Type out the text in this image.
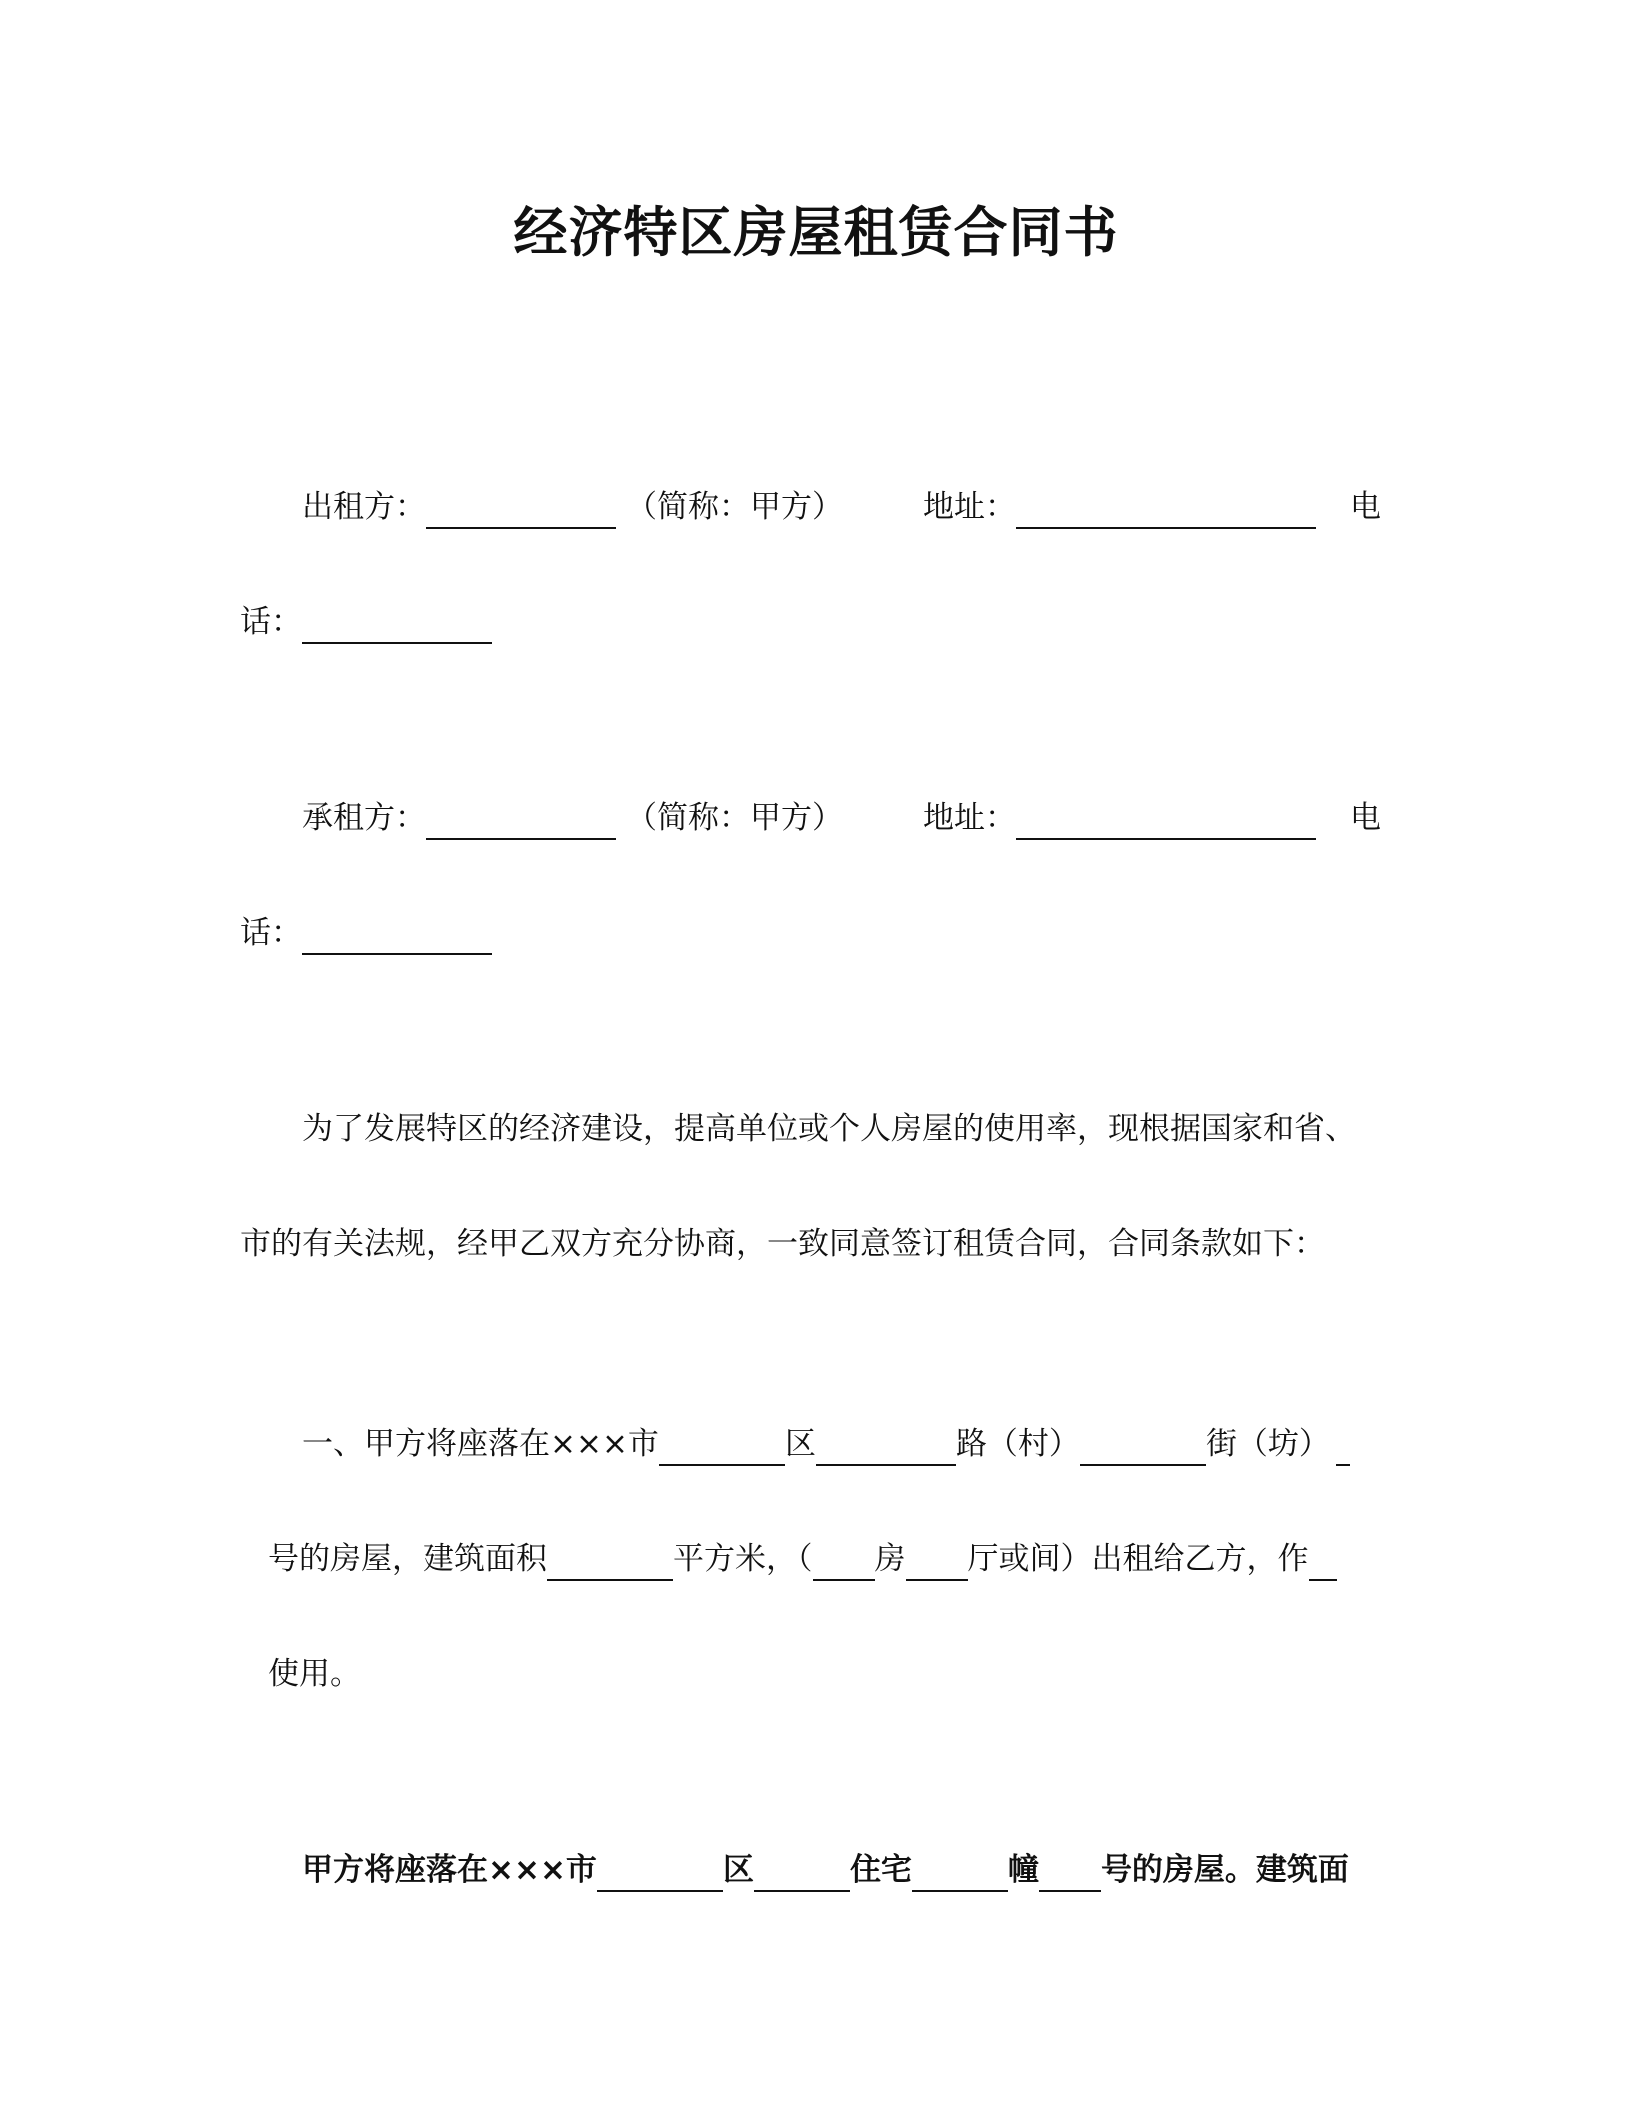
经济特区房屋租赁合同书
出租方：	（简称：甲方）	地址：	电
话：
承租方：	（简称：甲方）	地址：	电
话：
为了发展特区的经济建设，提高单位或个人房屋的使用率，现根据国家和省、
市的有关法规，经甲乙双方充分协商，一致同意签订租赁合同，合同条款如下：
一、甲方将座落在×××市	区	路（村）	街（坊）
号的房屋，建筑面积	平方米，（ 房 厅或间）出租给乙方，作
使用。
甲方将座落在×××市	区	住宅	幢 号的房屋。建筑面
